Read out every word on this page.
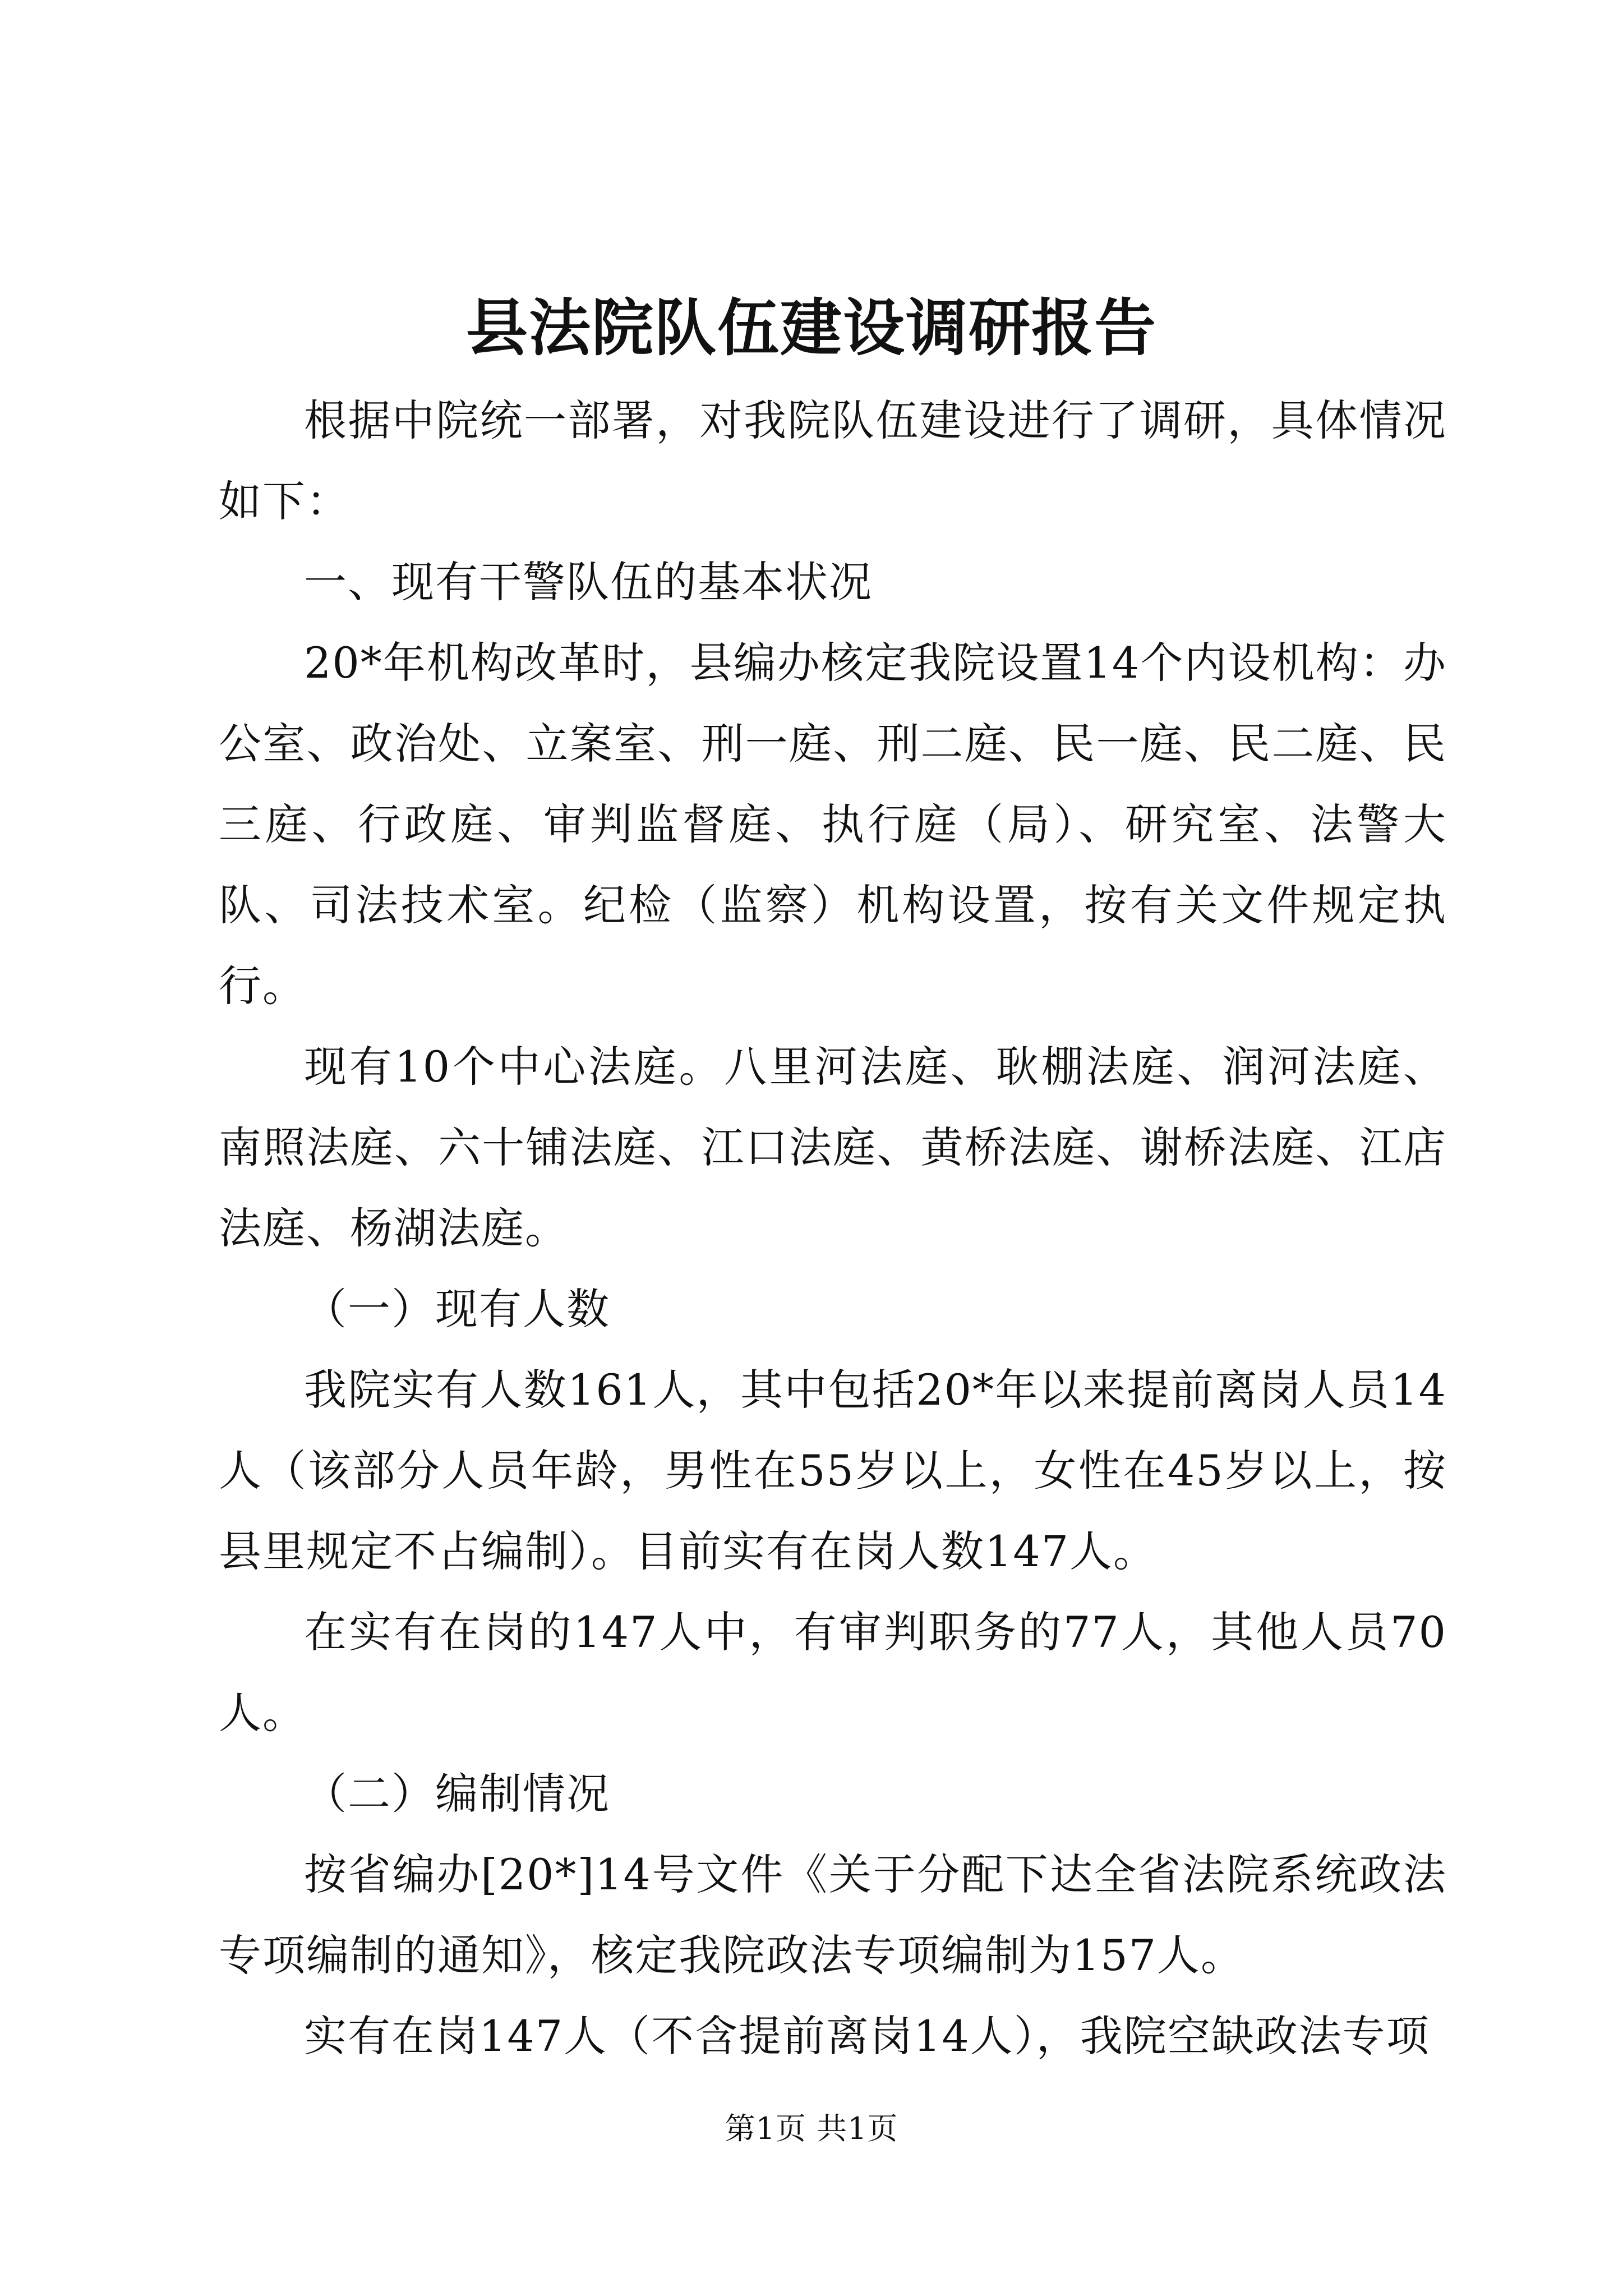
县法院队伍建设调研报告

根据中院统一部署，对我院队伍建设进行了调研，具体情况如下：

一、现有干警队伍的基本状况

20*年机构改革时，县编办核定我院设置14个内设机构：办公室、政治处、立案室、刑一庭、刑二庭、民一庭、民二庭、民三庭、行政庭、审判监督庭、执行庭（局）、研究室、法警大队、司法技术室。纪检（监察）机构设置，按有关文件规定执行。

现有10个中心法庭。八里河法庭、耿棚法庭、润河法庭、南照法庭、六十铺法庭、江口法庭、黄桥法庭、谢桥法庭、江店法庭、杨湖法庭。

（一）现有人数

我院实有人数161人，其中包括20*年以来提前离岗人员14人（该部分人员年龄，男性在55岁以上，女性在45岁以上，按县里规定不占编制）。目前实有在岗人数147人。

在实有在岗的147人中，有审判职务的77人，其他人员70人。

（二）编制情况

按省编办[20*]14号文件《关于分配下达全省法院系统政法专项编制的通知》，核定我院政法专项编制为157人。

实有在岗147人（不含提前离岗14人），我院空缺政法专项

第1页 共1页
